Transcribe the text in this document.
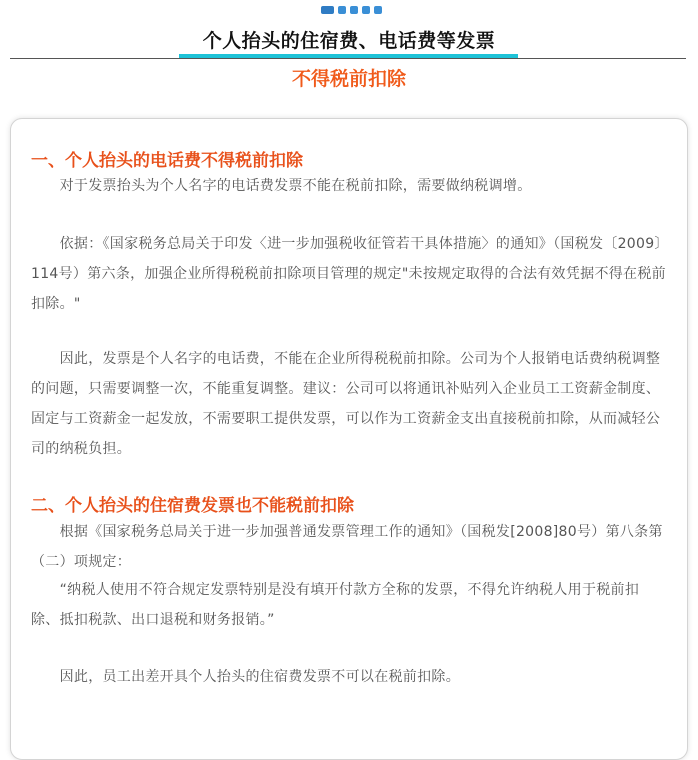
个人抬头的住宿费、电话费等发票
不得税前扣除
一、个人抬头的电话费不得税前扣除
　　对于发票抬头为个人名字的电话费发票不能在税前扣除，需要做纳税调增。
　　依据：《国家税务总局关于印发〈进一步加强税收征管若干具体措施〉的通知》（国税发〔2009〕114号）第六条，加强企业所得税税前扣除项目管理的规定"未按规定取得的合法有效凭据不得在税前扣除。"
　　因此，发票是个人名字的电话费，不能在企业所得税税前扣除。公司为个人报销电话费纳税调整的问题，只需要调整一次，不能重复调整。建议：公司可以将通讯补贴列入企业员工工资薪金制度、固定与工资薪金一起发放，不需要职工提供发票，可以作为工资薪金支出直接税前扣除，从而减轻公司的纳税负担。
二、个人抬头的住宿费发票也不能税前扣除
　　根据《国家税务总局关于进一步加强普通发票管理工作的通知》（国税发[2008]80号）第八条第（二）项规定：
　　“纳税人使用不符合规定发票特别是没有填开付款方全称的发票，不得允许纳税人用于税前扣除、抵扣税款、出口退税和财务报销。”
　　因此，员工出差开具个人抬头的住宿费发票不可以在税前扣除。
